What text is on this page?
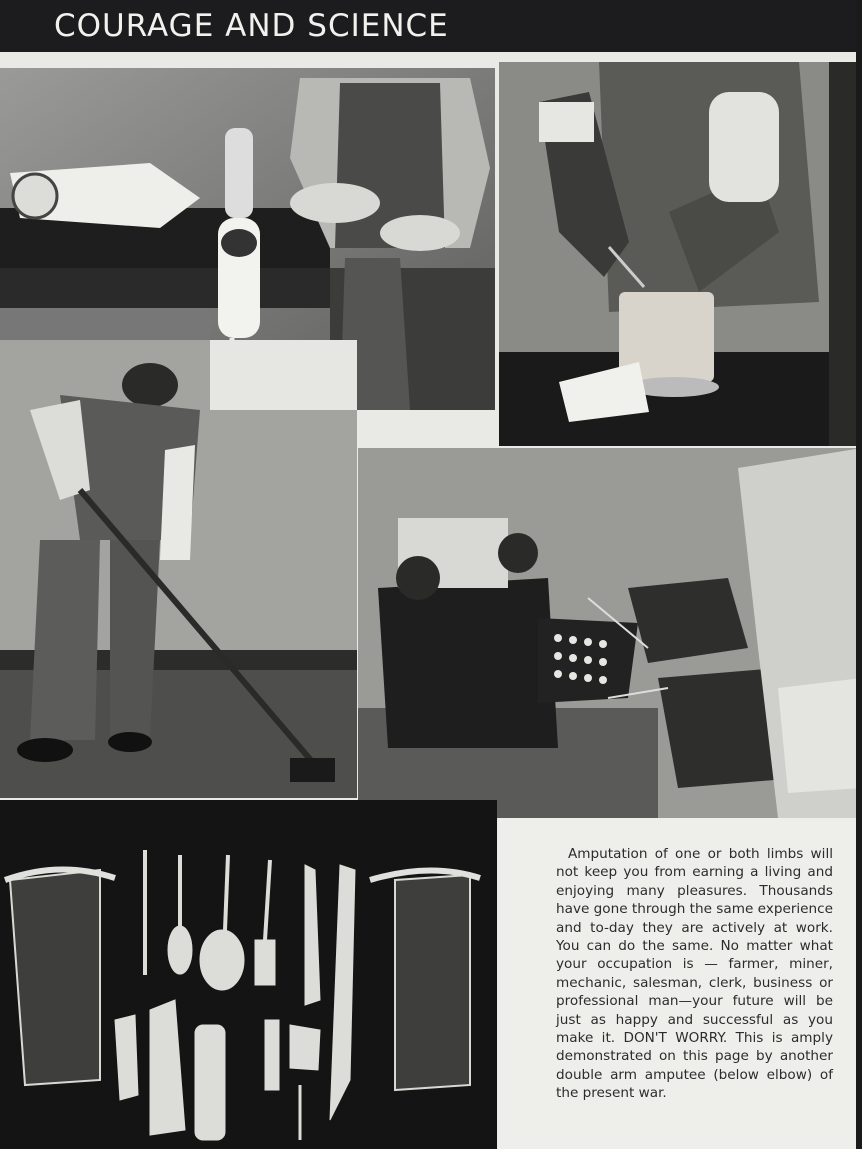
COURAGE AND SCIENCE

Amputation of one or both limbs will not keep you from earning a living and enjoying many pleasures. Thousands have gone through the same experience and to-day they are actively at work. You can do the same. No matter what your occupation is — farmer, miner, mechanic, salesman, clerk, business or professional man—your future will be just as happy and successful as you make it. DON'T WORRY. This is amply demonstrated on this page by another double arm amputee (below elbow) of the present war.
